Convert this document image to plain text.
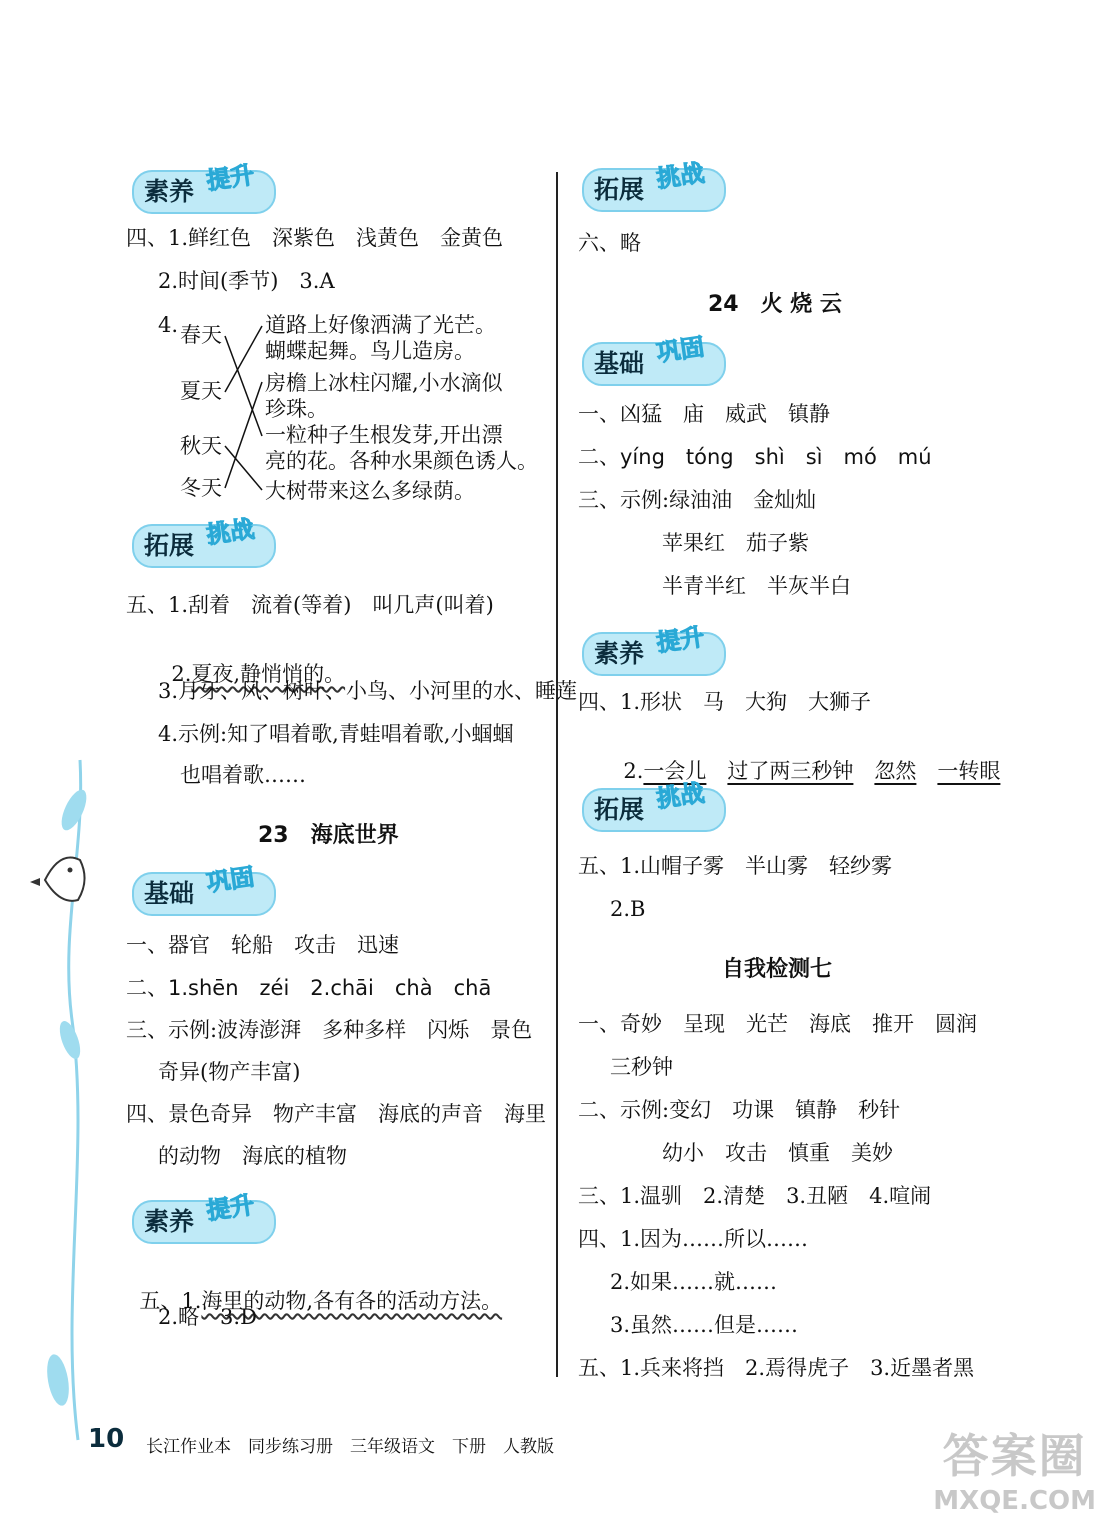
素养 提升
四、1.鲜红色　深紫色　浅黄色　金黄色
2.时间(季节)　3.A
4. 春天
夏天
秋天
冬天
道路上好像洒满了光芒。
蝴蝶起舞。鸟儿造房。
房檐上冰柱闪耀,小水滴似
珍珠。
一粒种子生根发芽,开出漂
亮的花。各种水果颜色诱人。
大树带来这么多绿荫。
拓展 挑战
五、1.刮着　流着(等着)　叫几声(叫着)

2.夏夜,静悄悄的。

3.月牙、风、树叶、小鸟、小河里的水、睡莲
4.示例:知了唱着歌,青蛙唱着歌,小蝈蝈
也唱着歌……
23　海底世界
基础 巩固
一、器官　轮船　攻击　迅速
二、1.shēn　zéi　2.chāi　chà　chā
三、示例:波涛澎湃　多种多样　闪烁　景色
奇异(物产丰富)
四、景色奇异　物产丰富　海底的声音　海里
的动物　海底的植物
素养 提升

五、1.海里的动物,各有各的活动方法。

2.略　3.D
拓展 挑战
六、略
24　火 烧 云
基础 巩固
一、凶猛　庙　威武　镇静
二、yíng　tóng　shì　sì　mó　mú
三、示例:绿油油　金灿灿
苹果红　茄子紫
半青半红　半灰半白
素养 提升
四、1.形状　马　大狗　大狮子

2.一会儿　 过了两三秒钟　 忽然　 一转眼

拓展 挑战
五、1.山帽子雾　半山雾　轻纱雾
2.B
自我检测七
一、奇妙　呈现　光芒　海底　推开　圆润
三秒钟
二、示例:变幻　功课　镇静　秒针
幼小　攻击　慎重　美妙
三、1.温驯　2.清楚　3.丑陋　4.喧闹
四、1.因为……所以……
2.如果……就……
3.虽然……但是……
五、1.兵来将挡　2.焉得虎子　3.近墨者黑
10 长江作业本　同步练习册　三年级语文　下册　人教版	答案圈
MXQE.COM
